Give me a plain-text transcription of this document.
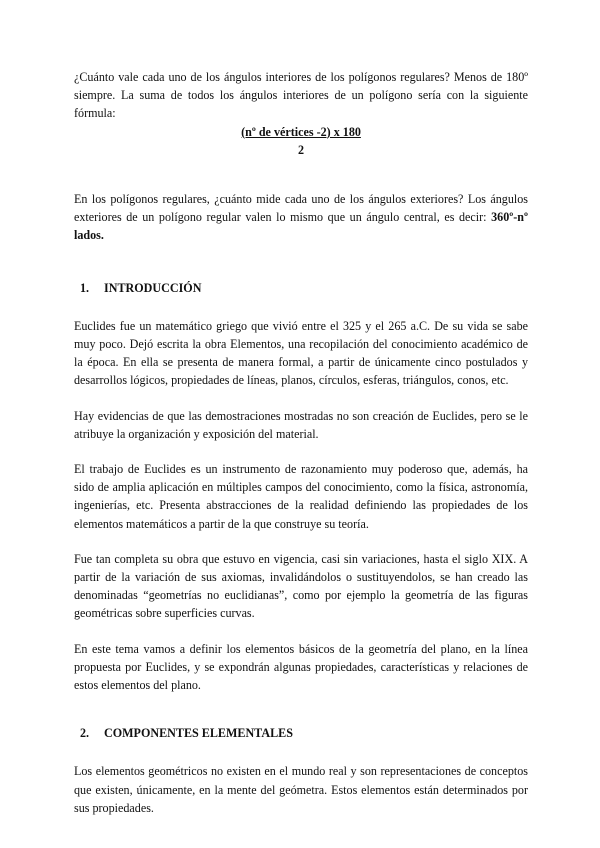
¿Cuánto vale cada uno de los ángulos interiores de los polígonos regulares? Menos de 180º siempre. La suma de todos los ángulos interiores de un polígono sería con la siguiente fórmula:

(nº de vértices -2) x 180

2

En los polígonos regulares, ¿cuánto mide cada uno de los ángulos exteriores? Los ángulos exteriores de un polígono regular valen lo mismo que un ángulo central, es decir: 360º-nº lados.

1. INTRODUCCIÓN

Euclides fue un matemático griego que vivió entre el 325 y el 265 a.C. De su vida se sabe muy poco. Dejó escrita la obra Elementos, una recopilación del conocimiento académico de la época. En ella se presenta de manera formal, a partir de únicamente cinco postulados y desarrollos lógicos, propiedades de líneas, planos, círculos, esferas, triángulos, conos, etc.

Hay evidencias de que las demostraciones mostradas no son creación de Euclides, pero se le atribuye la organización y exposición del material.

El trabajo de Euclides es un instrumento de razonamiento muy poderoso que, además, ha sido de amplia aplicación en múltiples campos del conocimiento, como la física, astronomía, ingenierías, etc. Presenta abstracciones de la realidad definiendo las propiedades de los elementos matemáticos a partir de la que construye su teoría.

Fue tan completa su obra que estuvo en vigencia, casi sin variaciones, hasta el siglo XIX. A partir de la variación de sus axiomas, invalidándolos o sustituyendolos, se han creado las denominadas “geometrías no euclidianas”, como por ejemplo la geometría de las figuras geométricas sobre superficies curvas.

En este tema vamos a definir los elementos básicos de la geometría del plano, en la línea propuesta por Euclides, y se expondrán algunas propiedades, características y relaciones de estos elementos del plano.

2. COMPONENTES ELEMENTALES

Los elementos geométricos no existen en el mundo real y son representaciones de conceptos que existen, únicamente, en la mente del geómetra. Estos elementos están determinados por sus propiedades.
